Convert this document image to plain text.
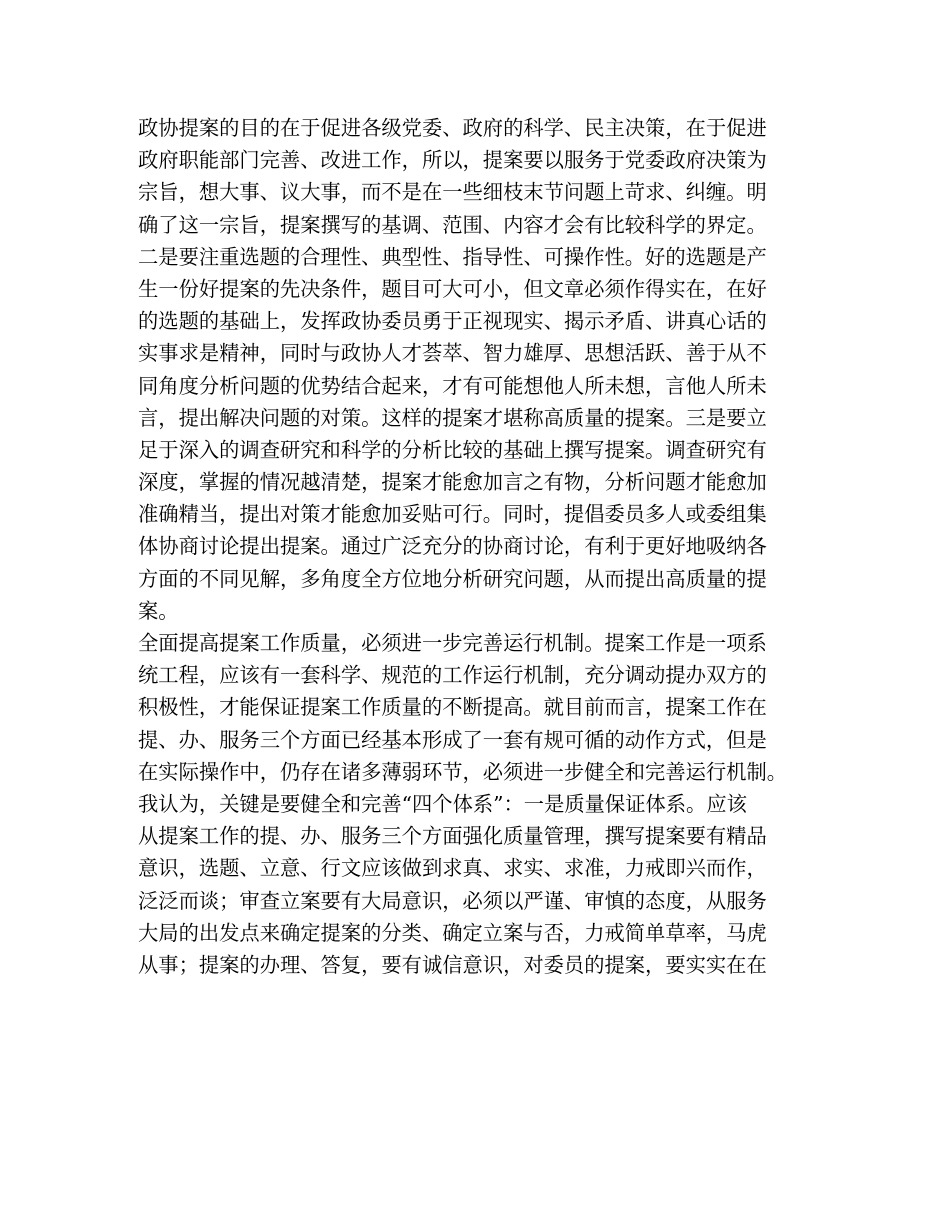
政协提案的目的在于促进各级党委、政府的科学、民主决策，在于促进
政府职能部门完善、改进工作，所以，提案要以服务于党委政府决策为
宗旨，想大事、议大事，而不是在一些细枝末节问题上苛求、纠缠。明
确了这一宗旨，提案撰写的基调、范围、内容才会有比较科学的界定。
二是要注重选题的合理性、典型性、指导性、可操作性。好的选题是产
生一份好提案的先决条件，题目可大可小，但文章必须作得实在，在好
的选题的基础上，发挥政协委员勇于正视现实、揭示矛盾、讲真心话的
实事求是精神，同时与政协人才荟萃、智力雄厚、思想活跃、善于从不
同角度分析问题的优势结合起来，才有可能想他人所未想，言他人所未
言，提出解决问题的对策。这样的提案才堪称高质量的提案。三是要立
足于深入的调查研究和科学的分析比较的基础上撰写提案。调查研究有
深度，掌握的情况越清楚，提案才能愈加言之有物，分析问题才能愈加
准确精当，提出对策才能愈加妥贴可行。同时，提倡委员多人或委组集
体协商讨论提出提案。通过广泛充分的协商讨论，有利于更好地吸纳各
方面的不同见解，多角度全方位地分析研究问题，从而提出高质量的提
案。
全面提高提案工作质量，必须进一步完善运行机制。提案工作是一项系
统工程，应该有一套科学、规范的工作运行机制，充分调动提办双方的
积极性，才能保证提案工作质量的不断提高。就目前而言，提案工作在
提、办、服务三个方面已经基本形成了一套有规可循的动作方式，但是
在实际操作中，仍存在诸多薄弱环节，必须进一步健全和完善运行机制。
我认为，关键是要健全和完善“四个体系”：一是质量保证体系。应该
从提案工作的提、办、服务三个方面强化质量管理，撰写提案要有精品
意识，选题、立意、行文应该做到求真、求实、求准，力戒即兴而作，
泛泛而谈；审查立案要有大局意识，必须以严谨、审慎的态度，从服务
大局的出发点来确定提案的分类、确定立案与否，力戒简单草率，马虎
从事；提案的办理、答复，要有诚信意识，对委员的提案，要实实在在
